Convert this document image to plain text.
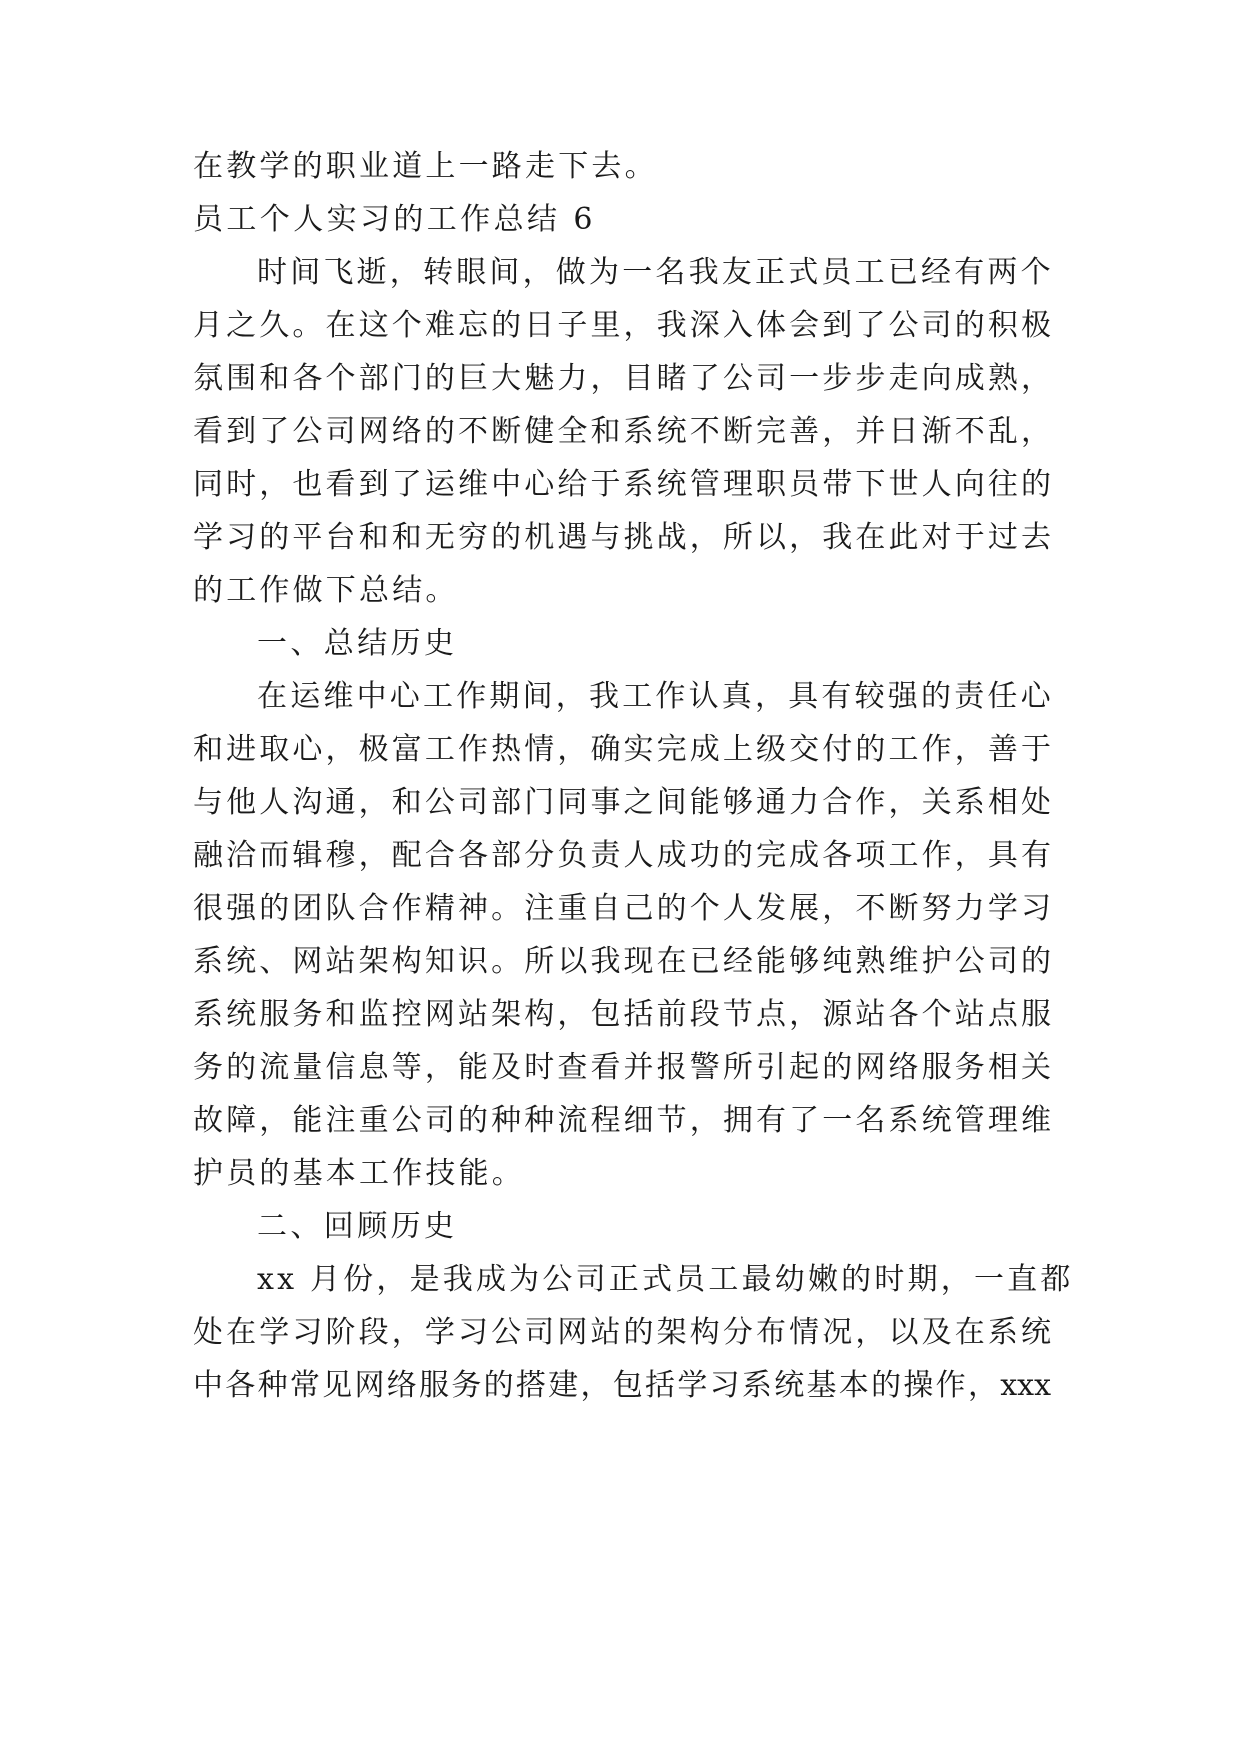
在教学的职业道上一路走下去。
员工个人实习的工作总结 6
时间飞逝，转眼间，做为一名我友正式员工已经有两个
月之久。在这个难忘的日子里，我深入体会到了公司的积极
氛围和各个部门的巨大魅力，目睹了公司一步步走向成熟，
看到了公司网络的不断健全和系统不断完善，并日渐不乱，
同时，也看到了运维中心给于系统管理职员带下世人向往的
学习的平台和和无穷的机遇与挑战，所以，我在此对于过去
的工作做下总结。
一、总结历史
在运维中心工作期间，我工作认真，具有较强的责任心
和进取心，极富工作热情，确实完成上级交付的工作，善于
与他人沟通，和公司部门同事之间能够通力合作，关系相处
融洽而辑穆，配合各部分负责人成功的完成各项工作，具有
很强的团队合作精神。注重自己的个人发展，不断努力学习
系统、网站架构知识。所以我现在已经能够纯熟维护公司的
系统服务和监控网站架构，包括前段节点，源站各个站点服
务的流量信息等，能及时查看并报警所引起的网络服务相关
故障，能注重公司的种种流程细节，拥有了一名系统管理维
护员的基本工作技能。
二、回顾历史
xx 月份，是我成为公司正式员工最幼嫩的时期，一直都
处在学习阶段，学习公司网站的架构分布情况，以及在系统
中各种常见网络服务的搭建，包括学习系统基本的操作，xxx
